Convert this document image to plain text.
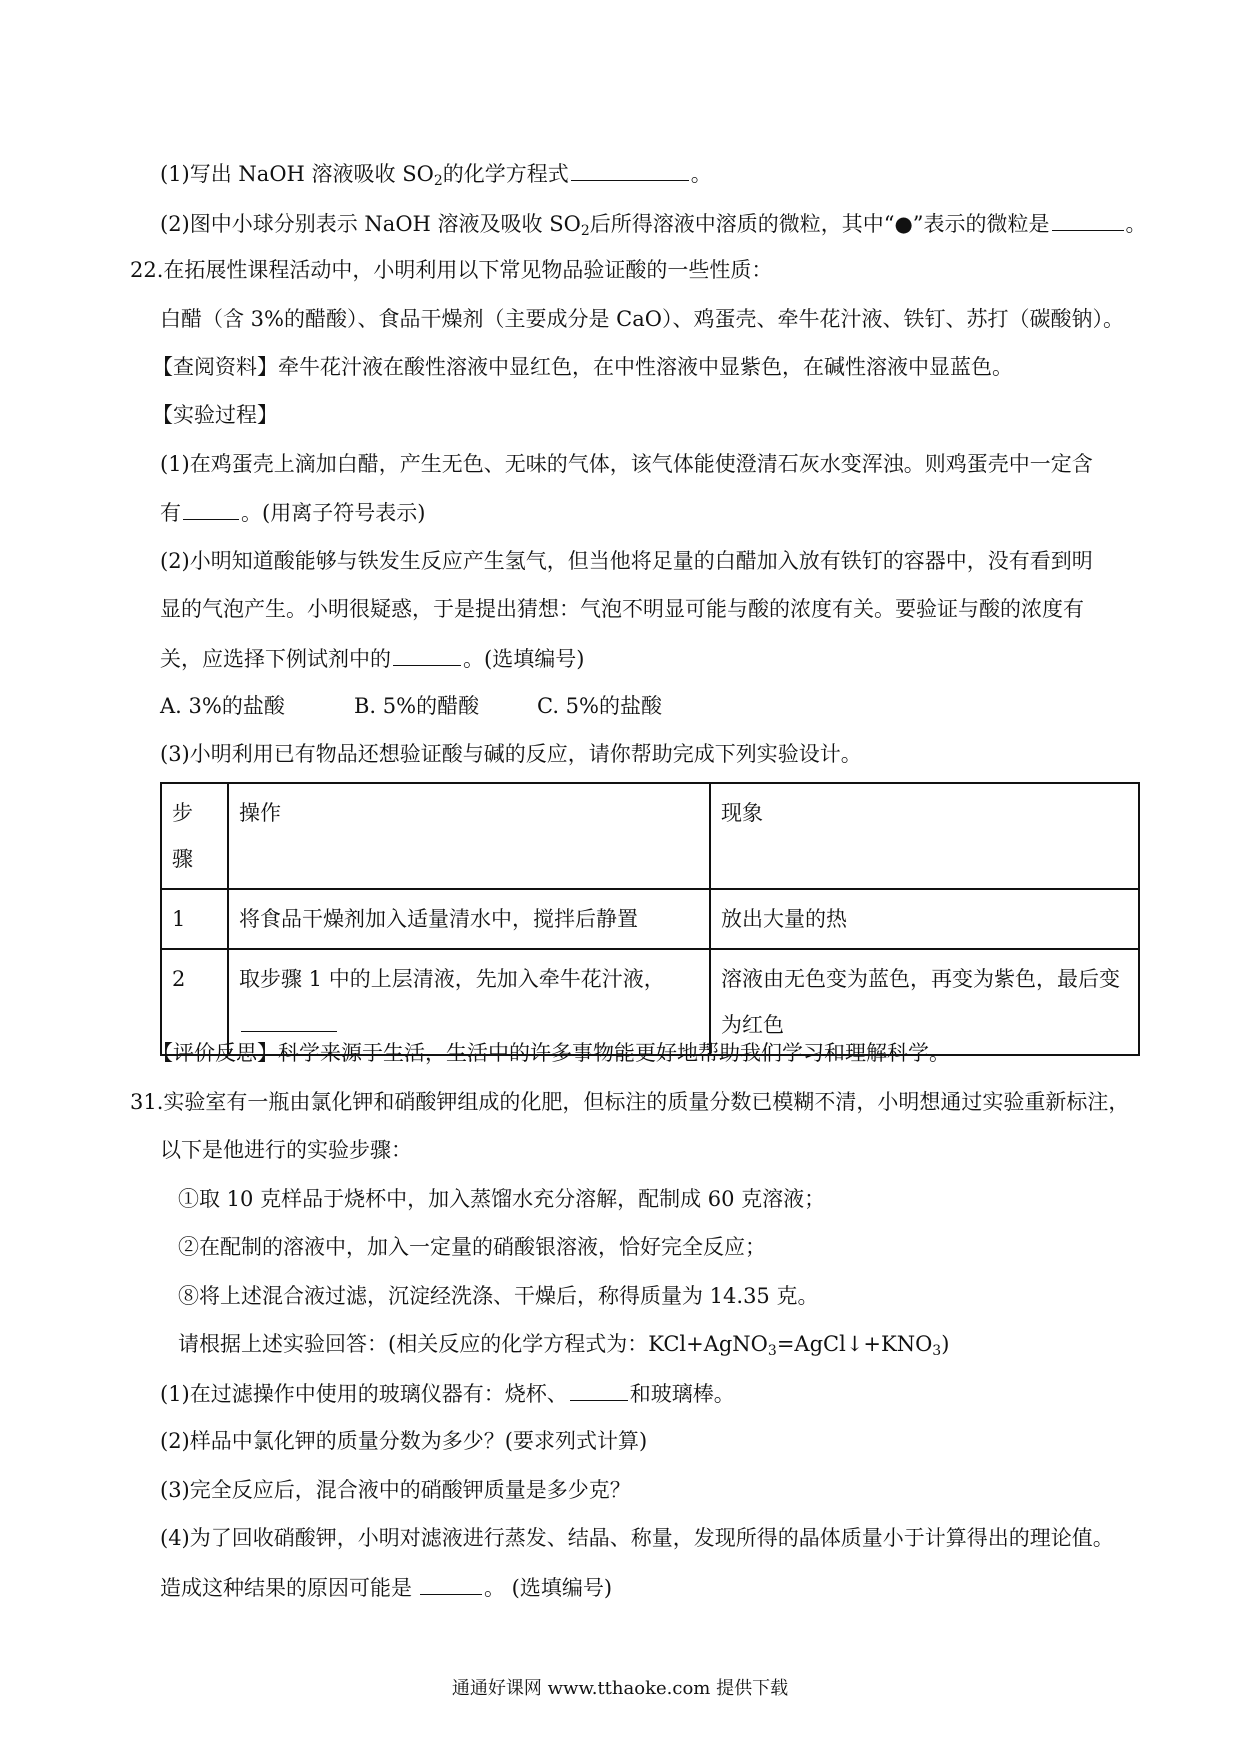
(1)写出 NaOH 溶液吸收 $SO_2$的化学方程式	。
(2)图中小球分别表示 NaOH 溶液及吸收 $SO_2$后所得溶液中溶质的微粒，其中“●”表示的微粒是	。
22.在拓展性课程活动中，小明利用以下常见物品验证酸的一些性质：
白醋（含 3%的醋酸）、食品干燥剂（主要成分是 CaO）、鸡蛋壳、牵牛花汁液、铁钉、苏打（碳酸钠）。
【查阅资料】牵牛花汁液在酸性溶液中显红色，在中性溶液中显紫色，在碱性溶液中显蓝色。
【实验过程】
(1)在鸡蛋壳上滴加白醋，产生无色、无味的气体，该气体能使澄清石灰水变浑浊。则鸡蛋壳中一定含
有	。(用离子符号表示)
(2)小明知道酸能够与铁发生反应产生氢气，但当他将足量的白醋加入放有铁钉的容器中，没有看到明
显的气泡产生。小明很疑惑，于是提出猜想：气泡不明显可能与酸的浓度有关。要验证与酸的浓度有
关，应选择下例试剂中的	。(选填编号)
A. 3%的盐酸	B. 5%的醋酸	C. 5%的盐酸
(3)小明利用已有物品还想验证酸与碱的反应，请你帮助完成下列实验设计。
步
骤	操作	现象
1	将食品干燥剂加入适量清水中，搅拌后静置	放出大量的热
2	取步骤 1 中的上层清液，先加入牵牛花汁液，	溶液由无色变为蓝色，再变为紫色，最后变
为红色
【评价反思】科学来源于生活，生活中的许多事物能更好地帮助我们学习和理解科学。
31.实验室有一瓶由氯化钾和硝酸钾组成的化肥，但标注的质量分数已模糊不清，小明想通过实验重新标注，
以下是他进行的实验步骤：
①取 10 克样品于烧杯中，加入蒸馏水充分溶解，配制成 60 克溶液；
②在配制的溶液中，加入一定量的硝酸银溶液，恰好完全反应；
⑧将上述混合液过滤，沉淀经洗涤、干燥后，称得质量为 14.35 克。
请根据上述实验回答：(相关反应的化学方程式为：$KCl+AgNO_3=AgCl↓+KNO_3$)
(1)在过滤操作中使用的玻璃仪器有：烧杯、	和玻璃棒。
(2)样品中氯化钾的质量分数为多少？(要求列式计算)
(3)完全反应后，混合液中的硝酸钾质量是多少克？
(4)为了回收硝酸钾，小明对滤液进行蒸发、结晶、称量，发现所得的晶体质量小于计算得出的理论值。
造成这种结果的原因可能是	。 (选填编号)
通通好课网 www.tthaoke.com 提供下载
